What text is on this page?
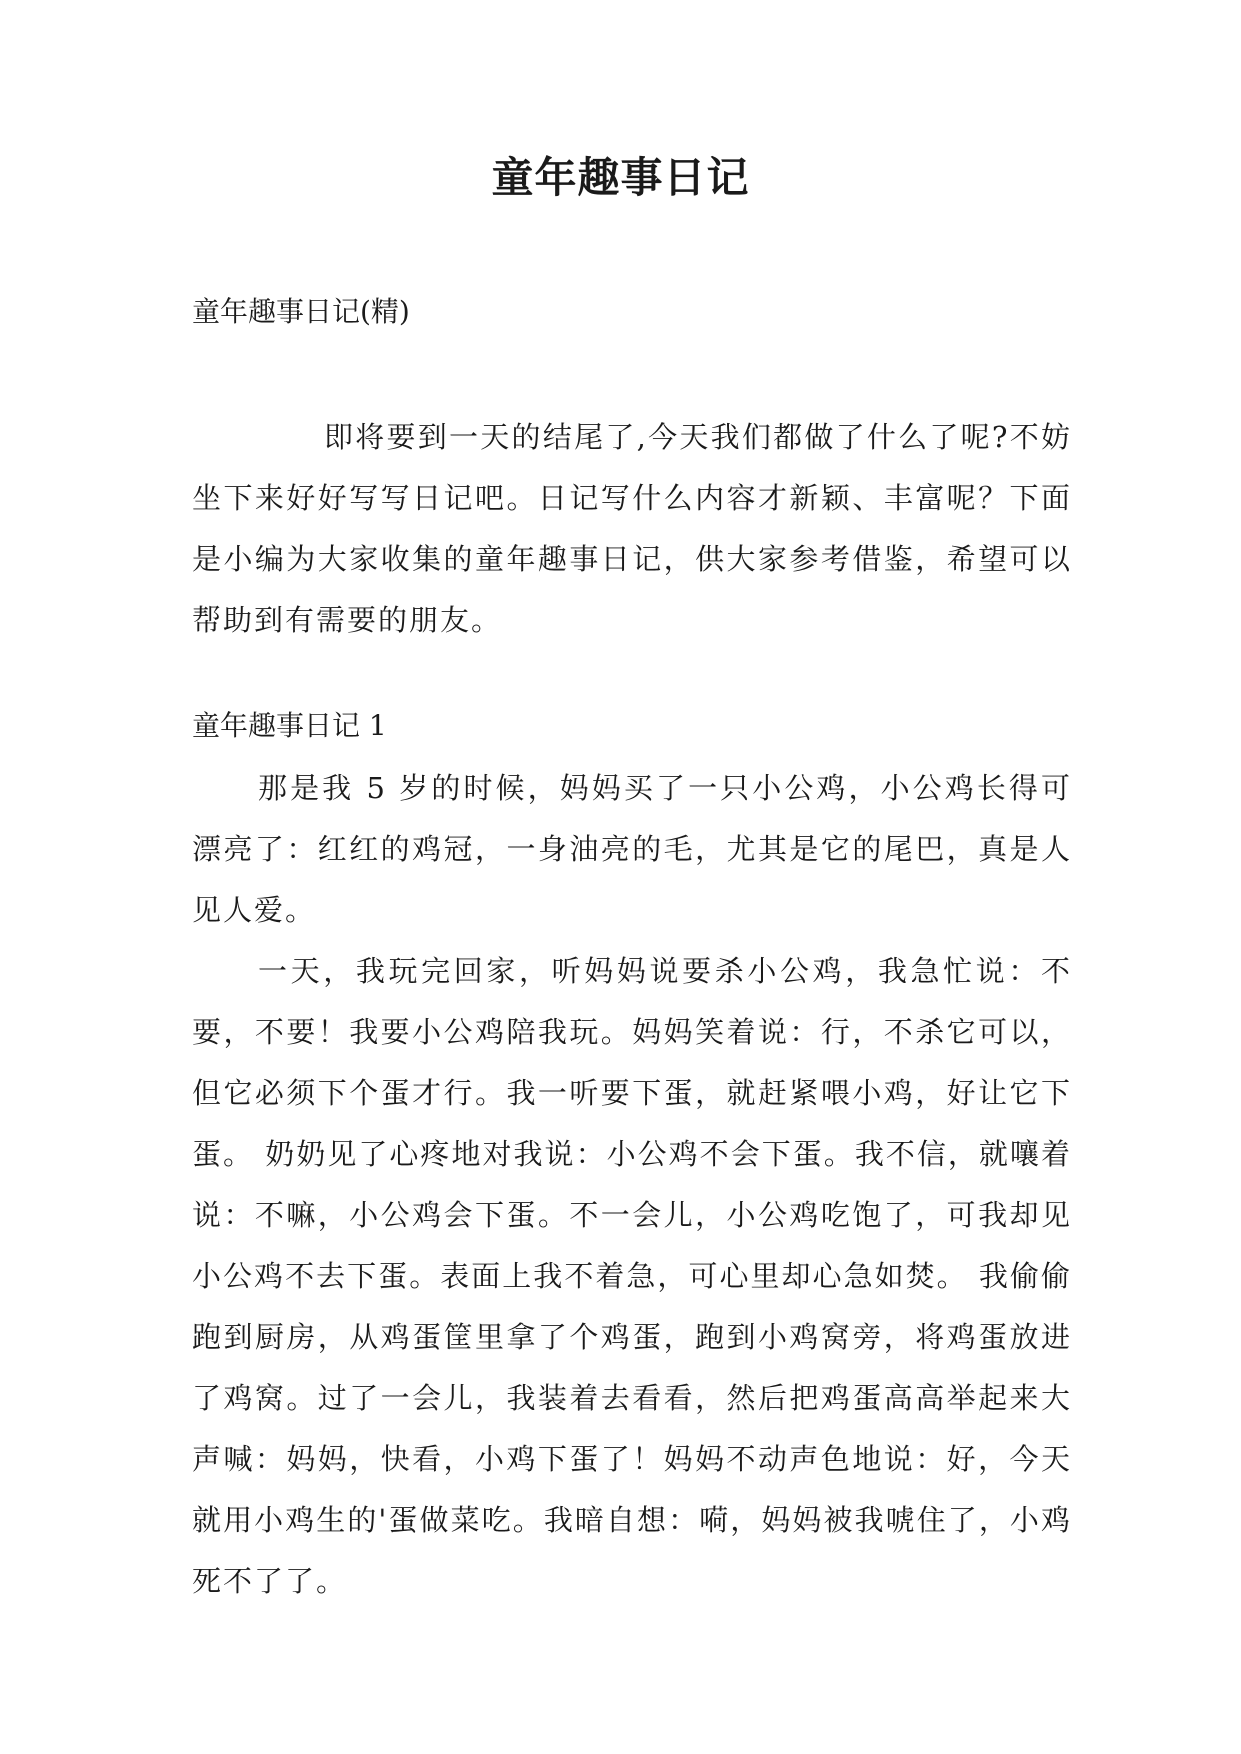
童年趣事日记

童年趣事日记(精)

即将要到一天的结尾了,今天我们都做了什么了呢?不妨坐下来好好写写日记吧。日记写什么内容才新颖、丰富呢？下面是小编为大家收集的童年趣事日记，供大家参考借鉴，希望可以帮助到有需要的朋友。

童年趣事日记 1

那是我 5 岁的时候，妈妈买了一只小公鸡，小公鸡长得可漂亮了：红红的鸡冠，一身油亮的毛，尤其是它的尾巴，真是人见人爱。

一天，我玩完回家，听妈妈说要杀小公鸡，我急忙说：不要，不要！我要小公鸡陪我玩。妈妈笑着说：行，不杀它可以，但它必须下个蛋才行。我一听要下蛋，就赶紧喂小鸡，好让它下蛋。 奶奶见了心疼地对我说：小公鸡不会下蛋。我不信，就嚷着说：不嘛，小公鸡会下蛋。不一会儿，小公鸡吃饱了，可我却见小公鸡不去下蛋。表面上我不着急，可心里却心急如焚。 我偷偷跑到厨房，从鸡蛋筐里拿了个鸡蛋，跑到小鸡窝旁，将鸡蛋放进了鸡窝。过了一会儿，我装着去看看，然后把鸡蛋高高举起来大声喊：妈妈，快看，小鸡下蛋了！妈妈不动声色地说：好，今天就用小鸡生的'蛋做菜吃。我暗自想：嗬，妈妈被我唬住了，小鸡死不了了。
